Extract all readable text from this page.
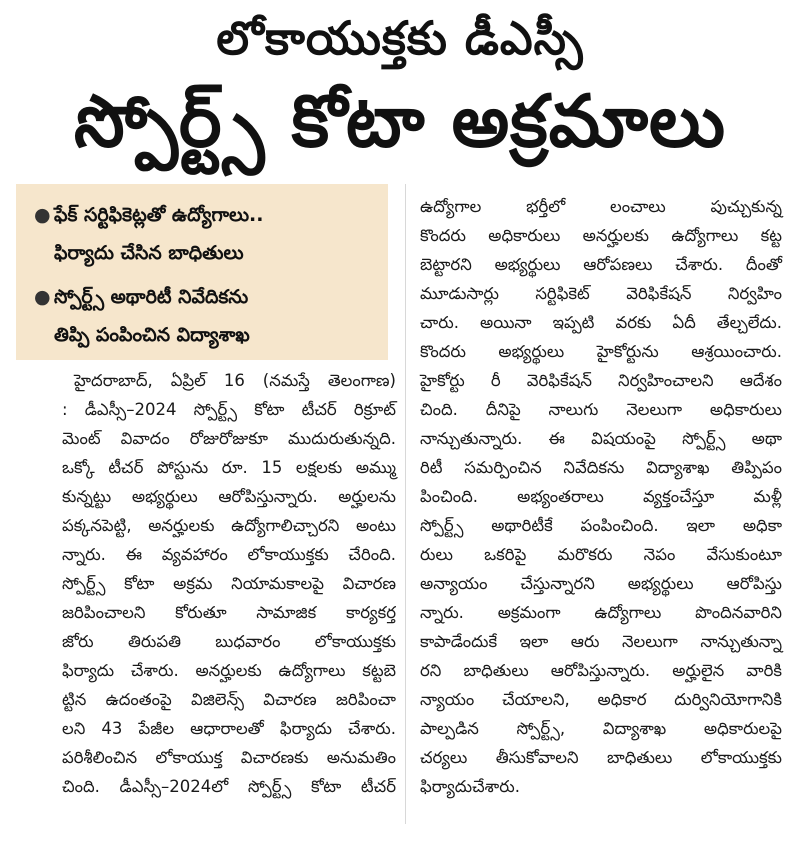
లోకాయుక్తకు డీఎస్సీ
స్పోర్ట్స్ కోటా అక్రమాలు
● ఫేక్ సర్టిఫికెట్లతో ఉద్యోగాలు..
ఫిర్యాదు చేసిన బాధితులు
● స్పోర్ట్స్ అథారిటీ నివేదికను
తిప్పి పంపించిన విద్యాశాఖ
హైదరాబాద్, ఏప్రిల్ 16 (నమస్తే తెలంగాణ)
: డీఎస్సీ–2024 స్పోర్ట్స్ కోటా టీచర్ రిక్రూట్
మెంట్ వివాదం రోజురోజుకూ ముదురుతున్నది.
ఒక్కో టీచర్ పోస్టును రూ. 15 లక్షలకు అమ్ము
కున్నట్టు అభ్యర్థులు ఆరోపిస్తున్నారు. అర్హులను
పక్కనపెట్టి, అనర్హులకు ఉద్యోగాలిచ్చారని అంటు
న్నారు. ఈ వ్యవహారం లోకాయుక్తకు చేరింది.
స్పోర్ట్స్ కోటా అక్రమ నియామకాలపై విచారణ
జరిపించాలని కోరుతూ సామాజిక కార్యకర్త
జోరు తిరుపతి బుధవారం లోకాయుక్తకు
ఫిర్యాదు చేశారు. అనర్హులకు ఉద్యోగాలు కట్టబె
ట్టిన ఉదంతంపై విజిలెన్స్ విచారణ జరిపించా
లని 43 పేజీల ఆధారాలతో ఫిర్యాదు చేశారు.
పరిశీలించిన లోకాయుక్త విచారణకు అనుమతిం
చింది. డీఎస్సీ–2024లో స్పోర్ట్స్ కోటా టీచర్
ఉద్యోగాల భర్తీలో లంచాలు పుచ్చుకున్న
కొందరు అధికారులు అనర్హులకు ఉద్యోగాలు కట్ట
బెట్టారని అభ్యర్థులు ఆరోపణలు చేశారు. దీంతో
మూడుసార్లు సర్టిఫికెట్ వెరిఫికేషన్ నిర్వహిం
చారు. అయినా ఇప్పటి వరకు ఏదీ తేల్చలేదు.
కొందరు అభ్యర్థులు హైకోర్టును ఆశ్రయించారు.
హైకోర్టు రీ వెరిఫికేషన్ నిర్వహించాలని ఆదేశం
చింది. దీనిపై నాలుగు నెలలుగా అధికారులు
నాన్చుతున్నారు. ఈ విషయంపై స్పోర్ట్స్ అథా
రిటీ సమర్పించిన నివేదికను విద్యాశాఖ తిప్పిపం
పించింది. అభ్యంతరాలు వ్యక్తంచేస్తూ మళ్లీ
స్పోర్ట్స్ అథారిటీకే పంపించింది. ఇలా అధికా
రులు ఒకరిపై మరొకరు నెపం వేసుకుంటూ
అన్యాయం చేస్తున్నారని అభ్యర్థులు ఆరోపిస్తు
న్నారు. అక్రమంగా ఉద్యోగాలు పొందినవారిని
కాపాడేందుకే ఇలా ఆరు నెలలుగా నాన్చుతున్నా
రని బాధితులు ఆరోపిస్తున్నారు. అర్హులైన వారికి
న్యాయం చేయాలని, అధికార దుర్వినియోగానికి
పాల్పడిన స్పోర్ట్స్, విద్యాశాఖ అధికారులపై
చర్యలు తీసుకోవాలని బాధితులు లోకాయుక్తకు
ఫిర్యాదుచేశారు.
